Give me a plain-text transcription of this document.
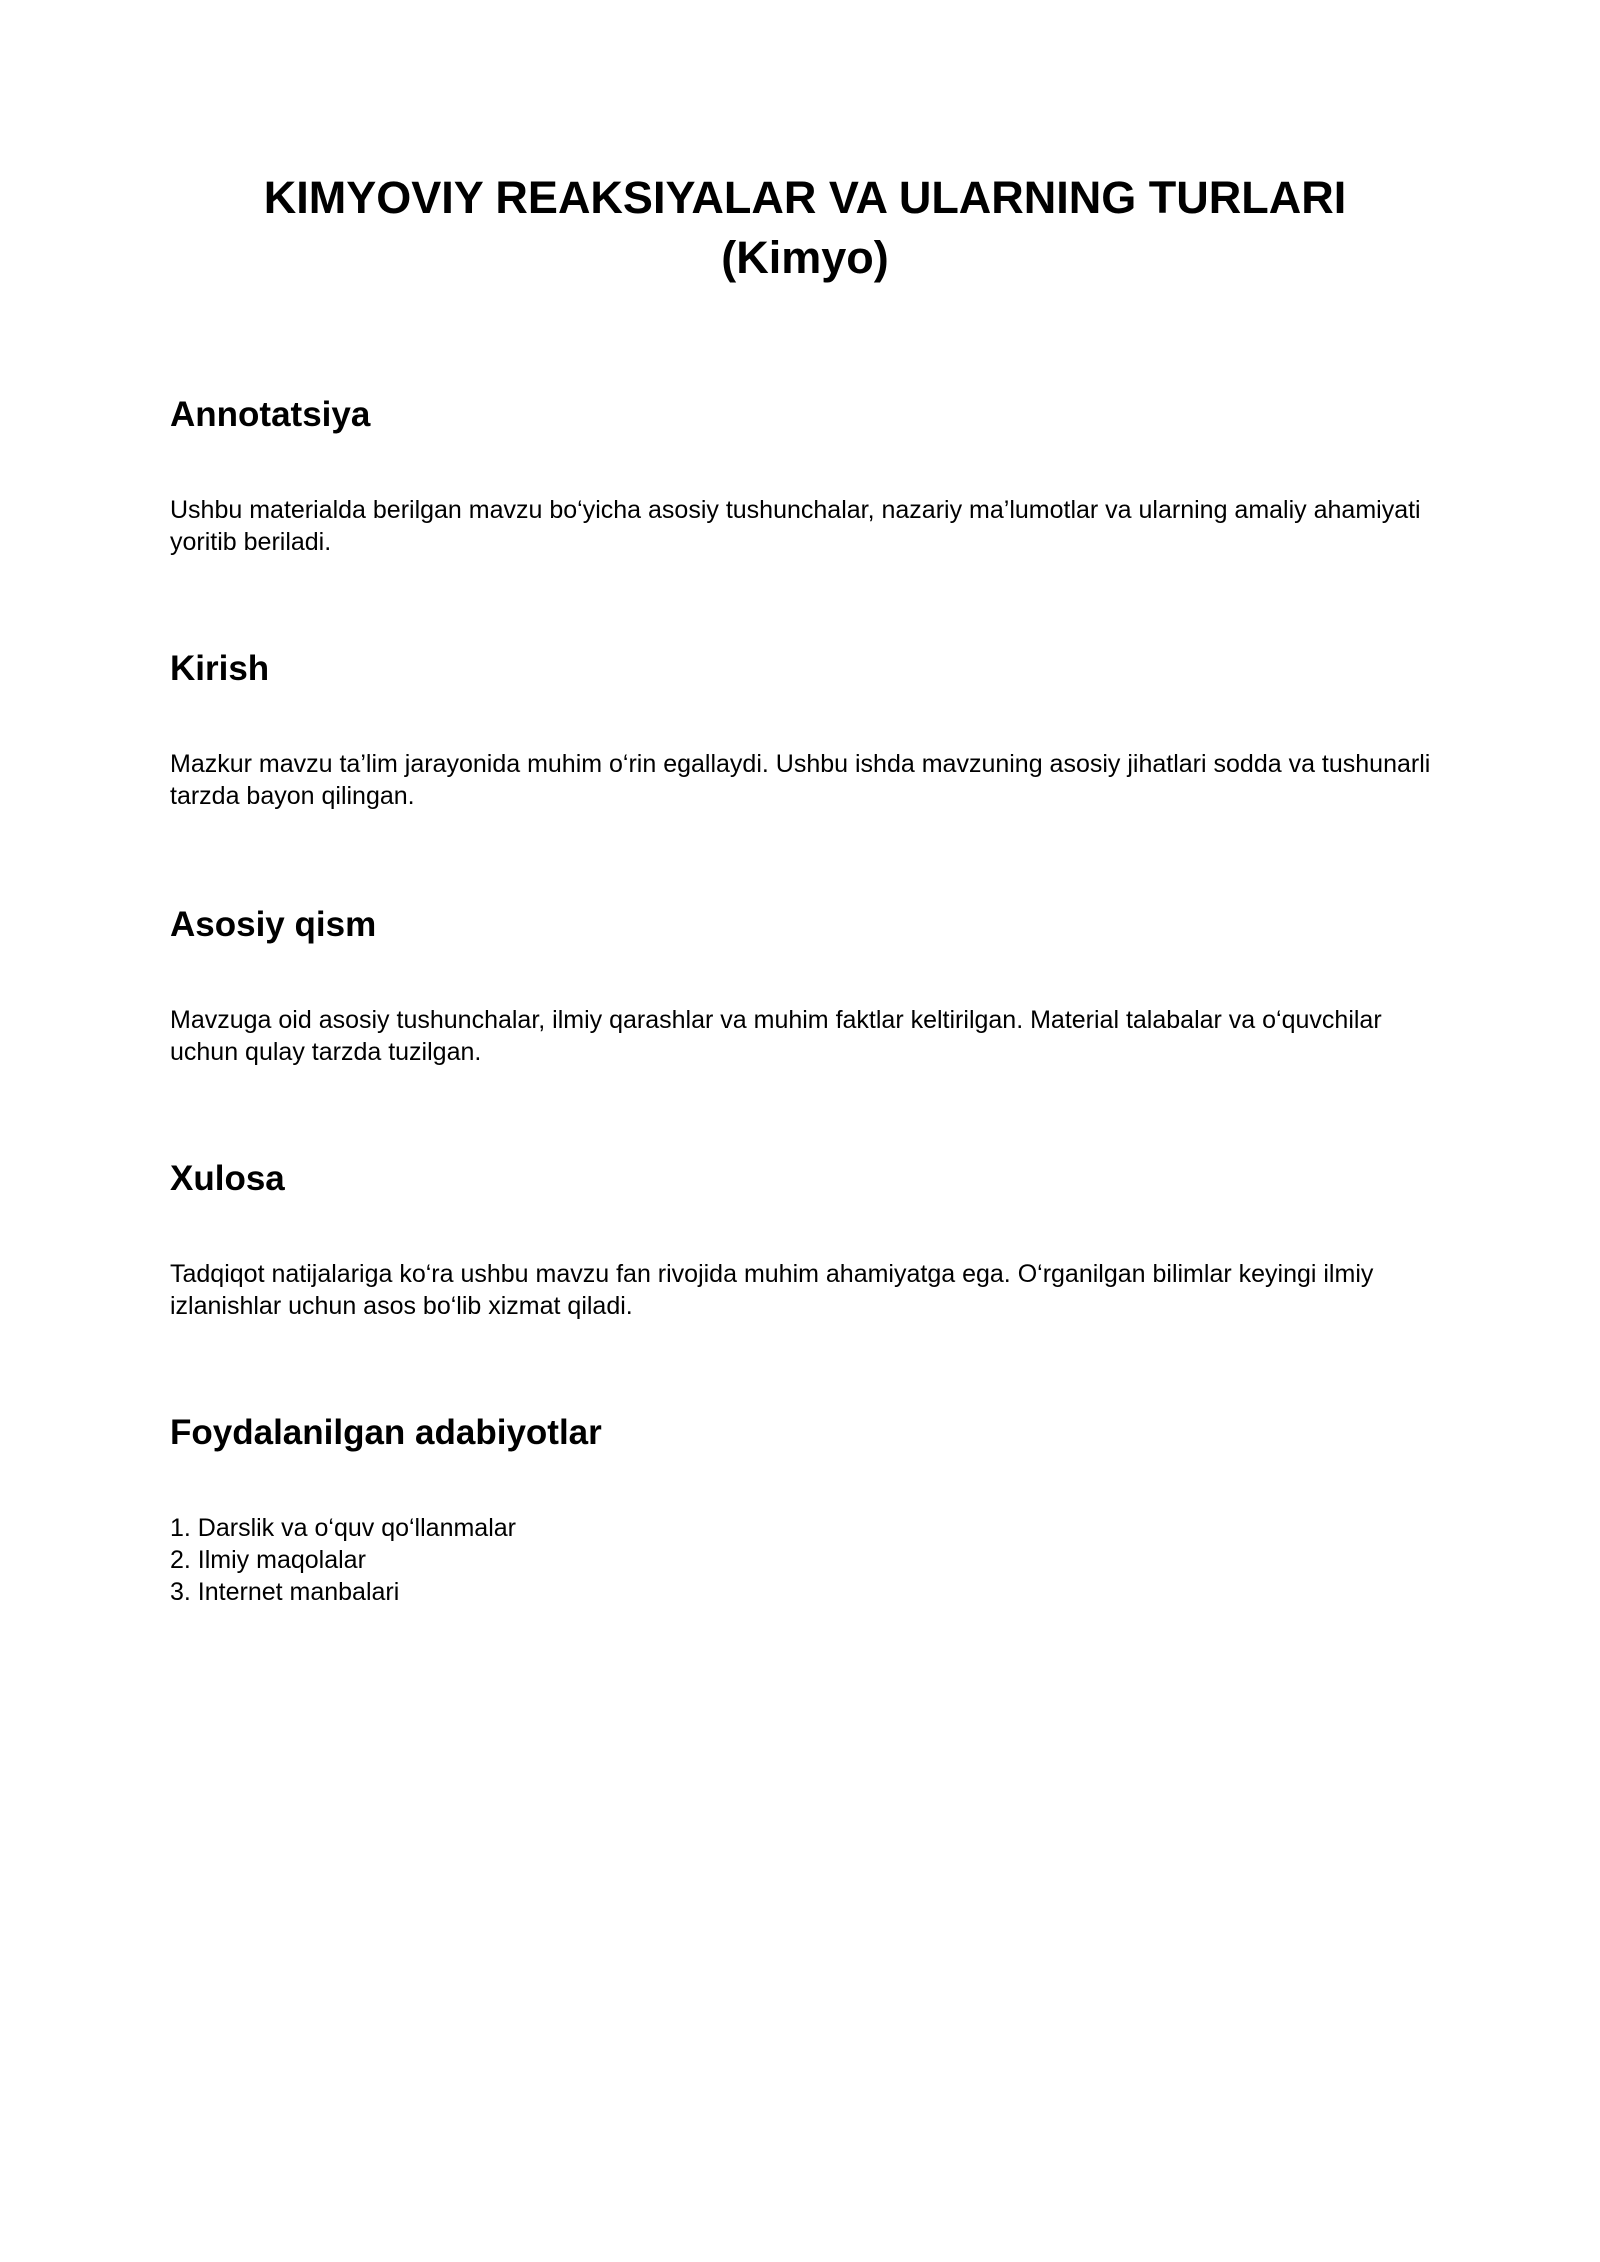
KIMYOVIY REAKSIYALAR VA ULARNING TURLARI
(Kimyo)
Annotatsiya

Ushbu materialda berilgan mavzu bo‘yicha asosiy tushunchalar, nazariy ma’lumotlar va ularning amaliy ahamiyati yoritib beriladi.

Kirish

Mazkur mavzu ta’lim jarayonida muhim o‘rin egallaydi. Ushbu ishda mavzuning asosiy jihatlari sodda va tushunarli tarzda bayon qilingan.

Asosiy qism

Mavzuga oid asosiy tushunchalar, ilmiy qarashlar va muhim faktlar keltirilgan. Material talabalar va o‘quvchilar uchun qulay tarzda tuzilgan.

Xulosa

Tadqiqot natijalariga ko‘ra ushbu mavzu fan rivojida muhim ahamiyatga ega. O‘rganilgan bilimlar keyingi ilmiy izlanishlar uchun asos bo‘lib xizmat qiladi.

Foydalanilgan adabiyotlar
1. Darslik va o‘quv qo‘llanmalar
2. Ilmiy maqolalar
3. Internet manbalari
